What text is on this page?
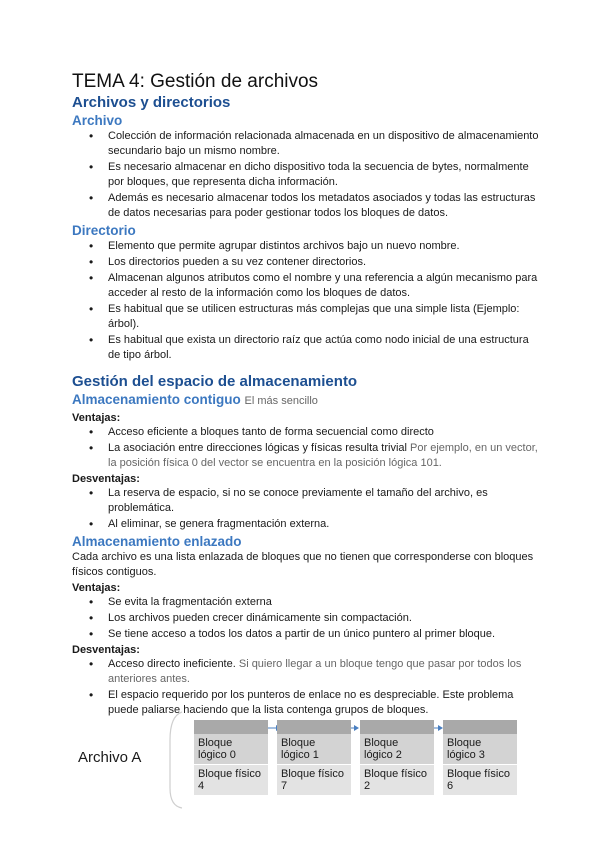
TEMA 4: Gestión de archivos
Archivos y directorios
Archivo
• Colección de información relacionada almacenada en un dispositivo de almacenamiento secundario bajo un mismo nombre.
• Es necesario almacenar en dicho dispositivo toda la secuencia de bytes, normalmente por bloques, que representa dicha información.
• Además es necesario almacenar todos los metadatos asociados y todas las estructuras de datos necesarias para poder gestionar todos los bloques de datos.
Directorio
• Elemento que permite agrupar distintos archivos bajo un nuevo nombre.
• Los directorios pueden a su vez contener directorios.
• Almacenan algunos atributos como el nombre y una referencia a algún mecanismo para acceder al resto de la información como los bloques de datos.
• Es habitual que se utilicen estructuras más complejas que una simple lista (Ejemplo: árbol).
• Es habitual que exista un directorio raíz que actúa como nodo inicial de una estructura de tipo árbol.
Gestión del espacio de almacenamiento
Almacenamiento contiguo El más sencillo
Ventajas:
• Acceso eficiente a bloques tanto de forma secuencial como directo
• La asociación entre direcciones lógicas y físicas resulta trivial Por ejemplo, en un vector, la posición física 0 del vector se encuentra en la posición lógica 101.
Desventajas:
• La reserva de espacio, si no se conoce previamente el tamaño del archivo, es problemática.
• Al eliminar, se genera fragmentación externa.
Almacenamiento enlazado

Cada archivo es una lista enlazada de bloques que no tienen que corresponderse con bloques físicos contiguos.

Ventajas:
• Se evita la fragmentación externa
• Los archivos pueden crecer dinámicamente sin compactación.
• Se tiene acceso a todos los datos a partir de un único puntero al primer bloque.
Desventajas:
• Acceso directo ineficiente. Si quiero llegar a un bloque tengo que pasar por todos los anteriores antes.
• El espacio requerido por los punteros de enlace no es despreciable. Este problema puede paliarse haciendo que la lista contenga grupos de bloques.
Archivo A
Bloque lógico 0
Bloque físico 4
Bloque lógico 1
Bloque físico 7
Bloque lógico 2
Bloque físico 2
Bloque lógico 3
Bloque físico 6
